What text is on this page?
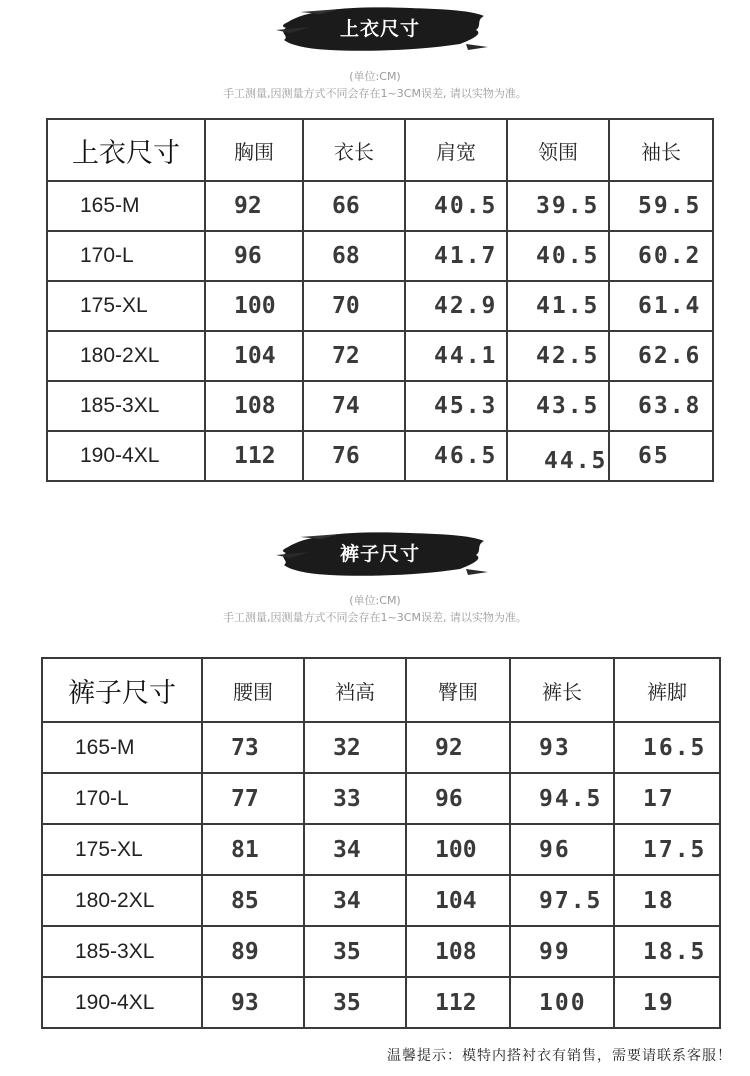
上衣尺寸
(单位:CM)
手工测量,因测量方式不同会存在1~3CM误差, 请以实物为准。
上衣尺寸	胸围	衣长	肩宽	领围	袖长
165-M	92	66	40.5	39.5	59.5
170-L	96	68	41.7	40.5	60.2
175-XL	100	70	42.9	41.5	61.4
180-2XL	104	72	44.1	42.5	62.6
185-3XL	108	74	45.3	43.5	63.8
190-4XL	112	76	46.5	44.5	65
裤子尺寸
(单位:CM)
手工测量,因测量方式不同会存在1~3CM误差, 请以实物为准。
裤子尺寸	腰围	裆高	臀围	裤长	裤脚
165-M	73	32	92	93	16.5
170-L	77	33	96	94.5	17
175-XL	81	34	100	96	17.5
180-2XL	85	34	104	97.5	18
185-3XL	89	35	108	99	18.5
190-4XL	93	35	112	100	19
温馨提示：模特内搭衬衣有销售，需要请联系客服！
